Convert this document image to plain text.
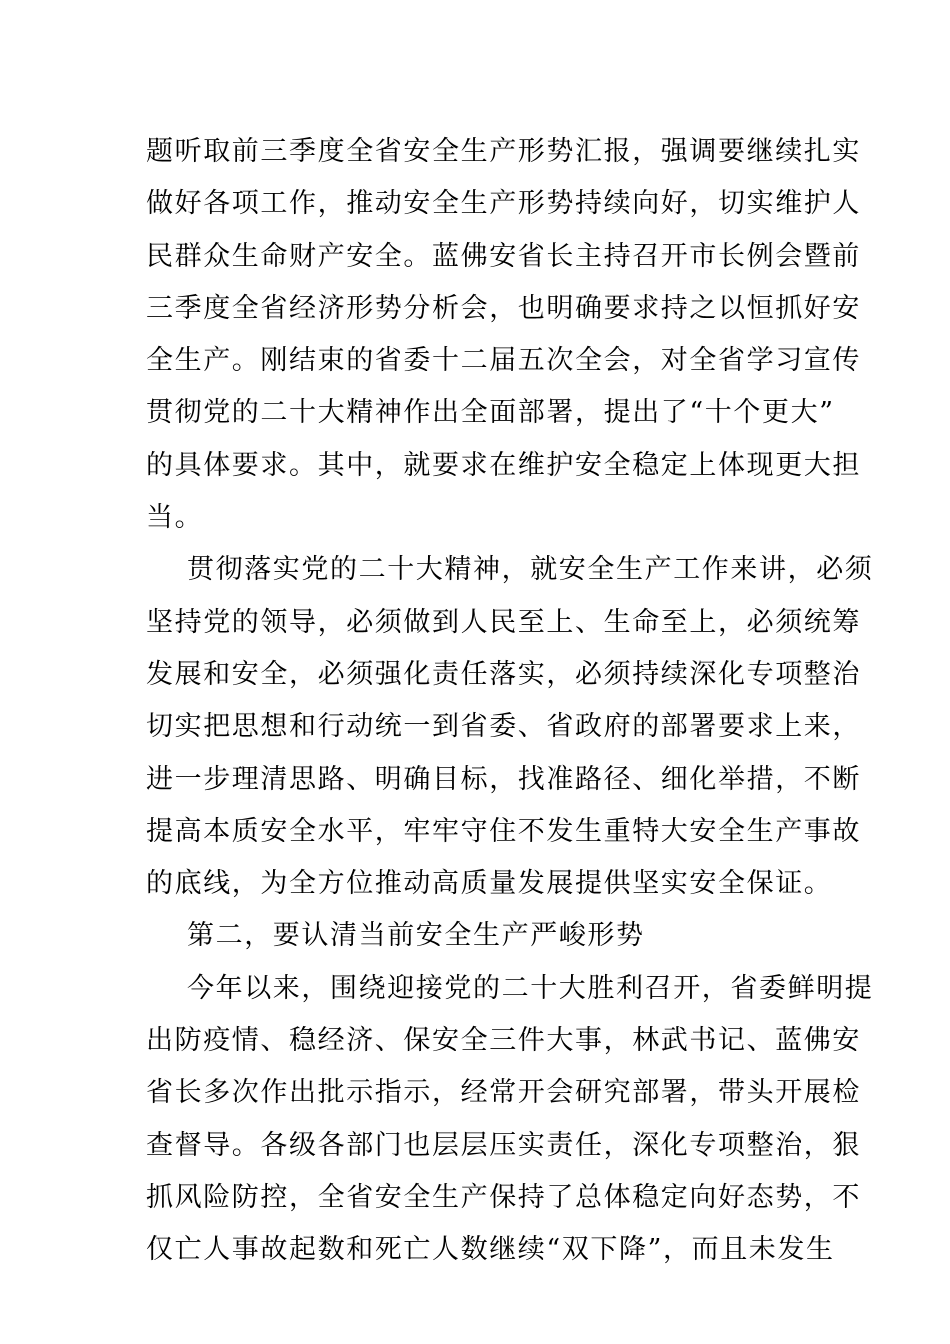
题听取前三季度全省安全生产形势汇报，强调要继续扎实
做好各项工作，推动安全生产形势持续向好，切实维护人
民群众生命财产安全。蓝佛安省长主持召开市长例会暨前
三季度全省经济形势分析会，也明确要求持之以恒抓好安
全生产。刚结束的省委十二届五次全会，对全省学习宣传
贯彻党的二十大精神作出全面部署，提出了“十个更大”
的具体要求。其中，就要求在维护安全稳定上体现更大担
当。
贯彻落实党的二十大精神，就安全生产工作来讲，必须
坚持党的领导，必须做到人民至上、生命至上，必须统筹
发展和安全，必须强化责任落实，必须持续深化专项整治
切实把思想和行动统一到省委、省政府的部署要求上来，
进一步理清思路、明确目标，找准路径、细化举措，不断
提高本质安全水平，牢牢守住不发生重特大安全生产事故
的底线，为全方位推动高质量发展提供坚实安全保证。
第二，要认清当前安全生产严峻形势
今年以来，围绕迎接党的二十大胜利召开，省委鲜明提
出防疫情、稳经济、保安全三件大事，林武书记、蓝佛安
省长多次作出批示指示，经常开会研究部署，带头开展检
查督导。各级各部门也层层压实责任，深化专项整治，狠
抓风险防控，全省安全生产保持了总体稳定向好态势，不
仅亡人事故起数和死亡人数继续“双下降”，而且未发生
